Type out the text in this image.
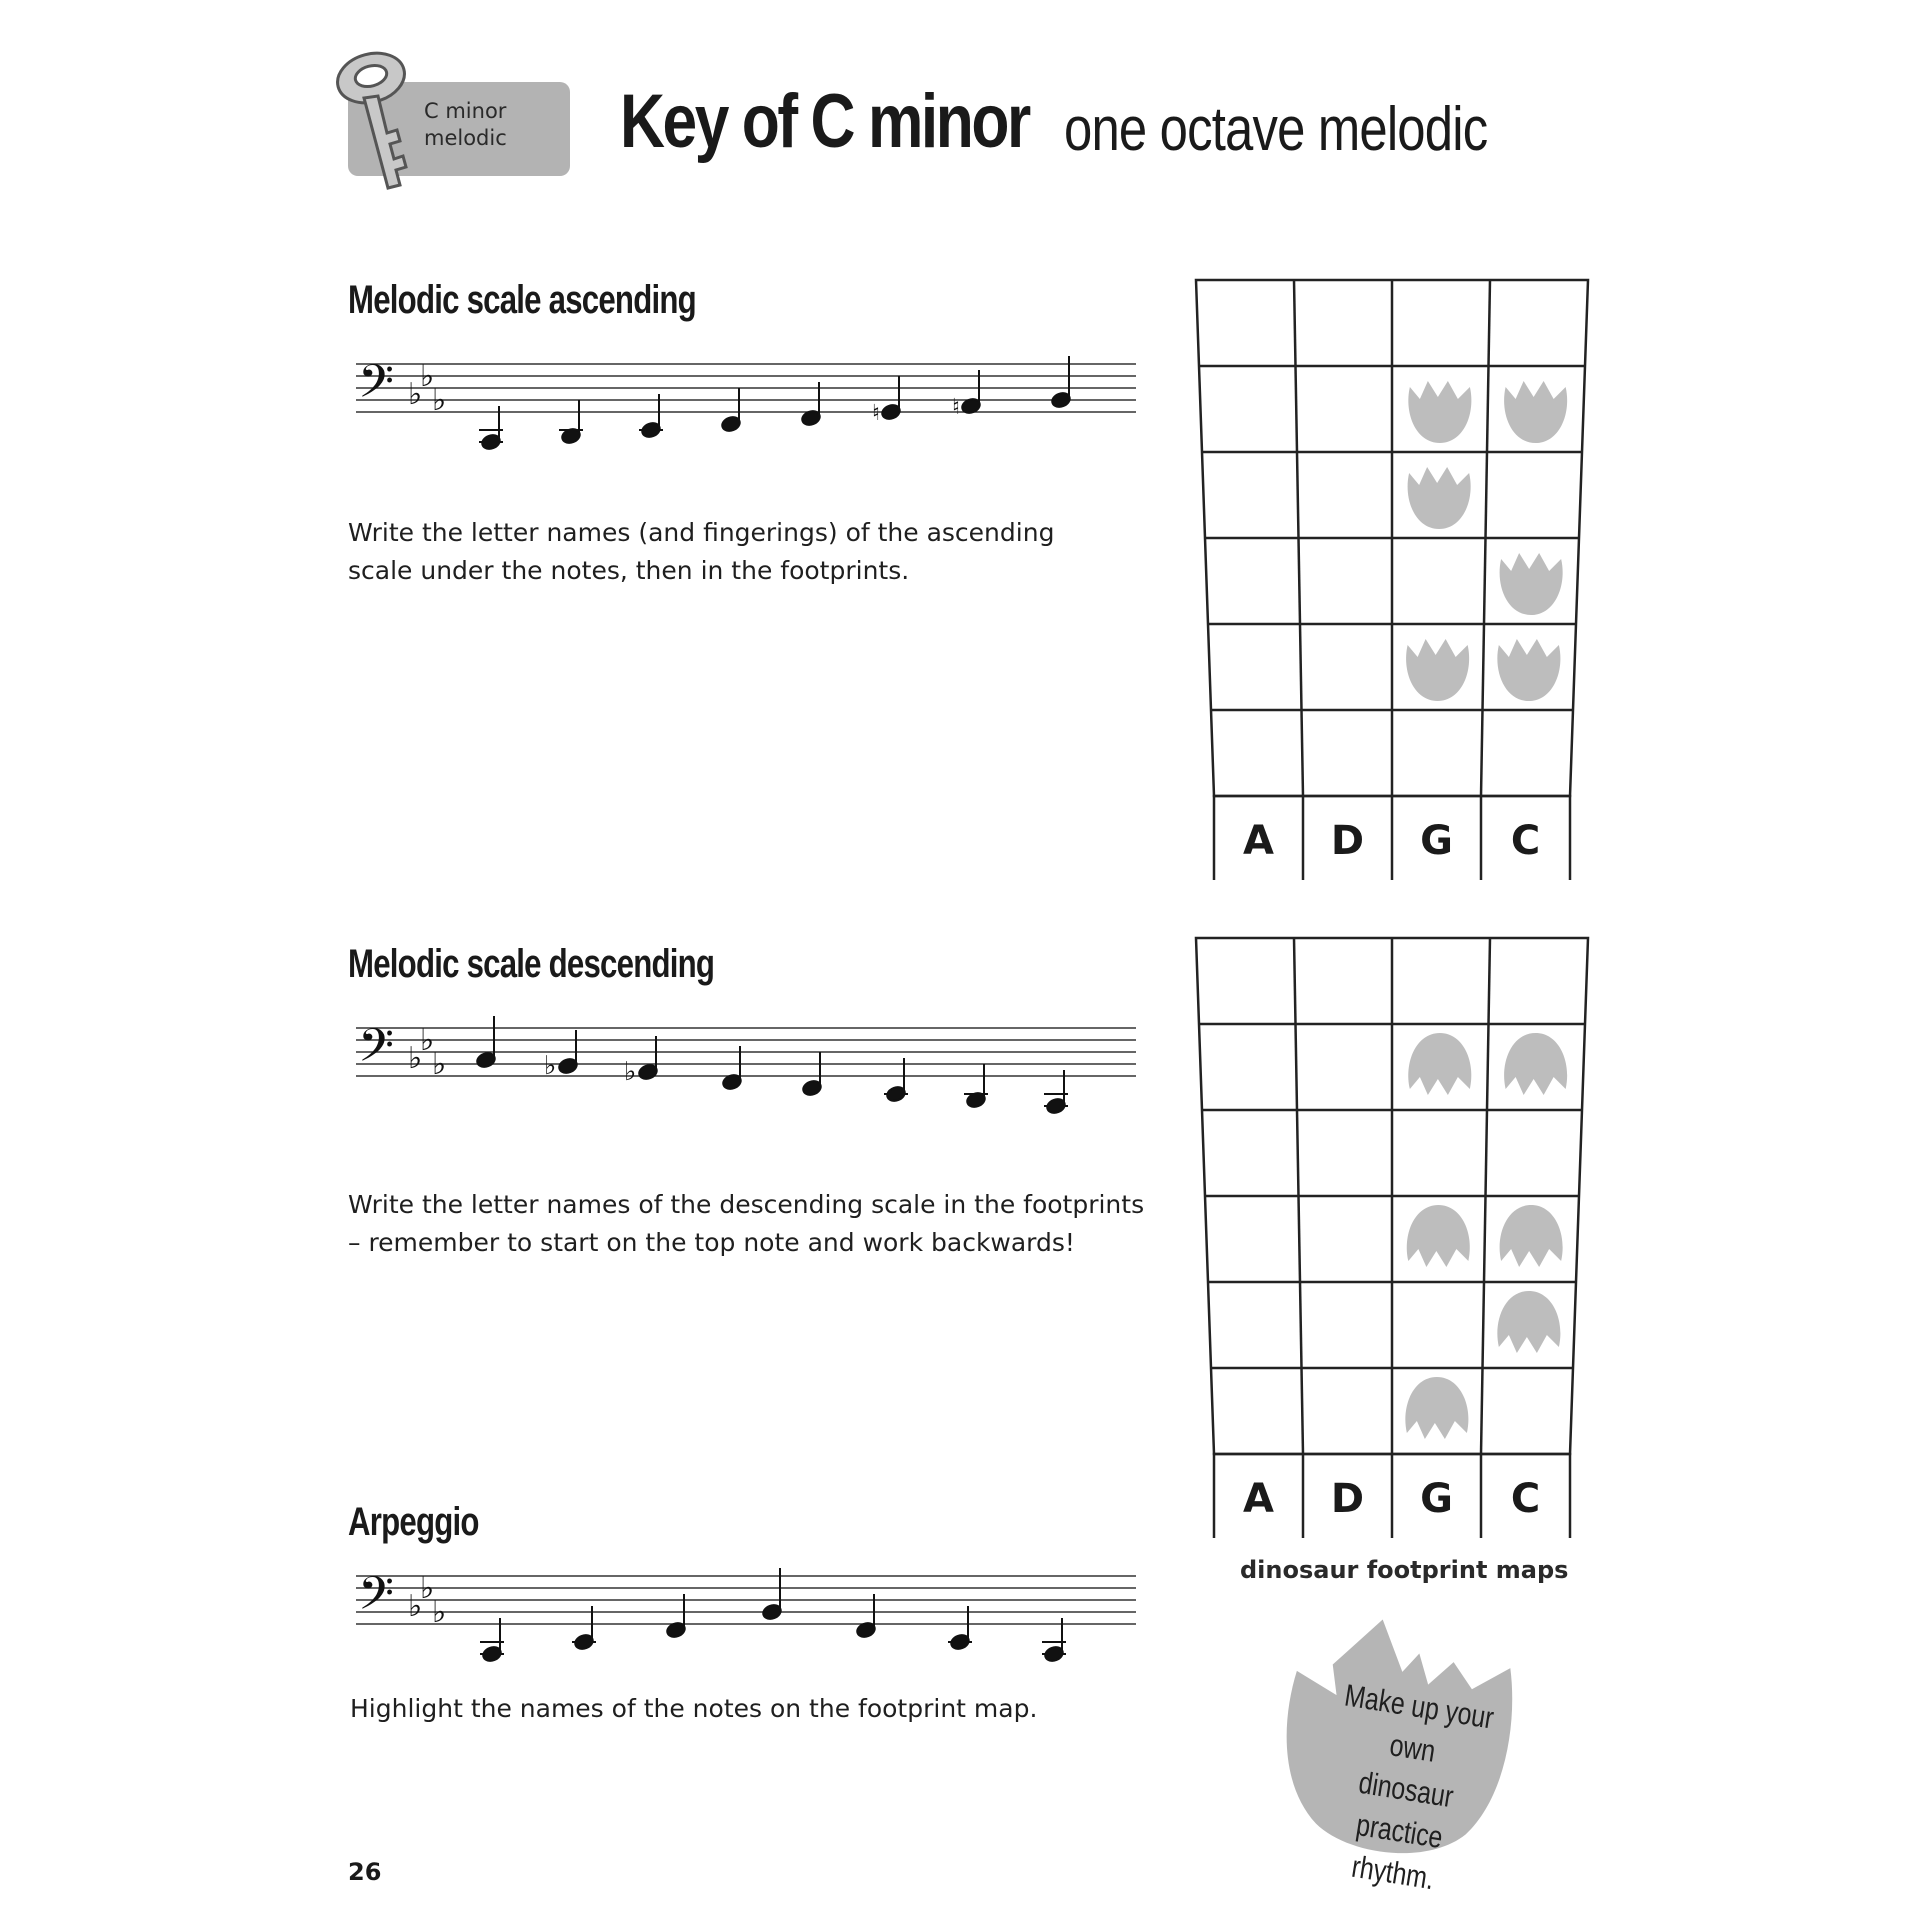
C minor
melodic Key of C minor one octave melodic
Melodic scale ascending
𝄢 ♭
♭ ♭	♮	♮
Write the letter names (and fingerings) of the ascending
scale under the notes, then in the footprints.
Melodic scale descending
𝄢 ♭
♭ ♭	♭	♭
Write the letter names of the descending scale in the footprints
– remember to start on the top note and work backwards!
Arpeggio
𝄢 ♭
♭ ♭
Highlight the names of the notes on the footprint map.
A D G C
A D G C
dinosaur footprint maps
Make up your own
dinosaur practice
rhythm.
26
